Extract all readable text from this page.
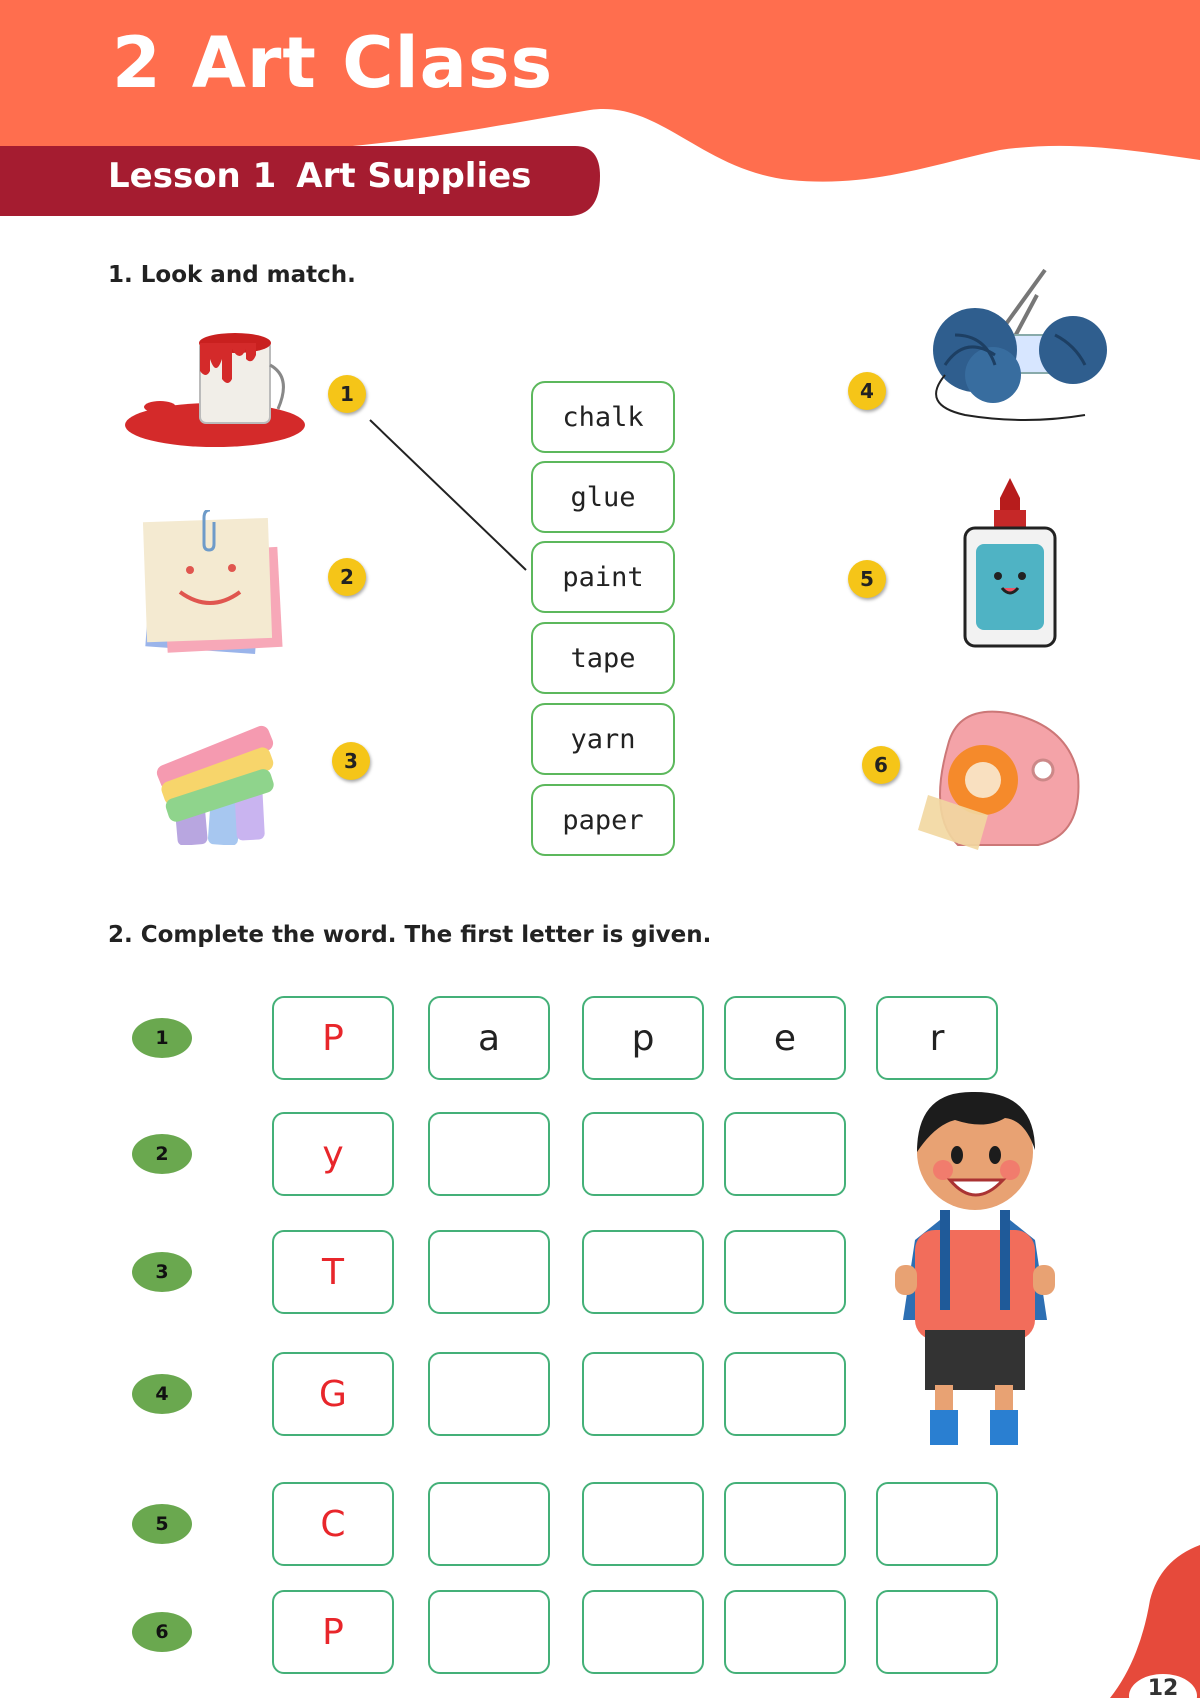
2 Art Class
Lesson 1 Art Supplies

1. Look and match.

1
2
3
chalk
glue
paint
tape
yarn
paper
4
5
6

2. Complete the word. The first letter is given.

1	P	a	p	e	r
2	y
3	T
4	G
5	C
6	P
12
